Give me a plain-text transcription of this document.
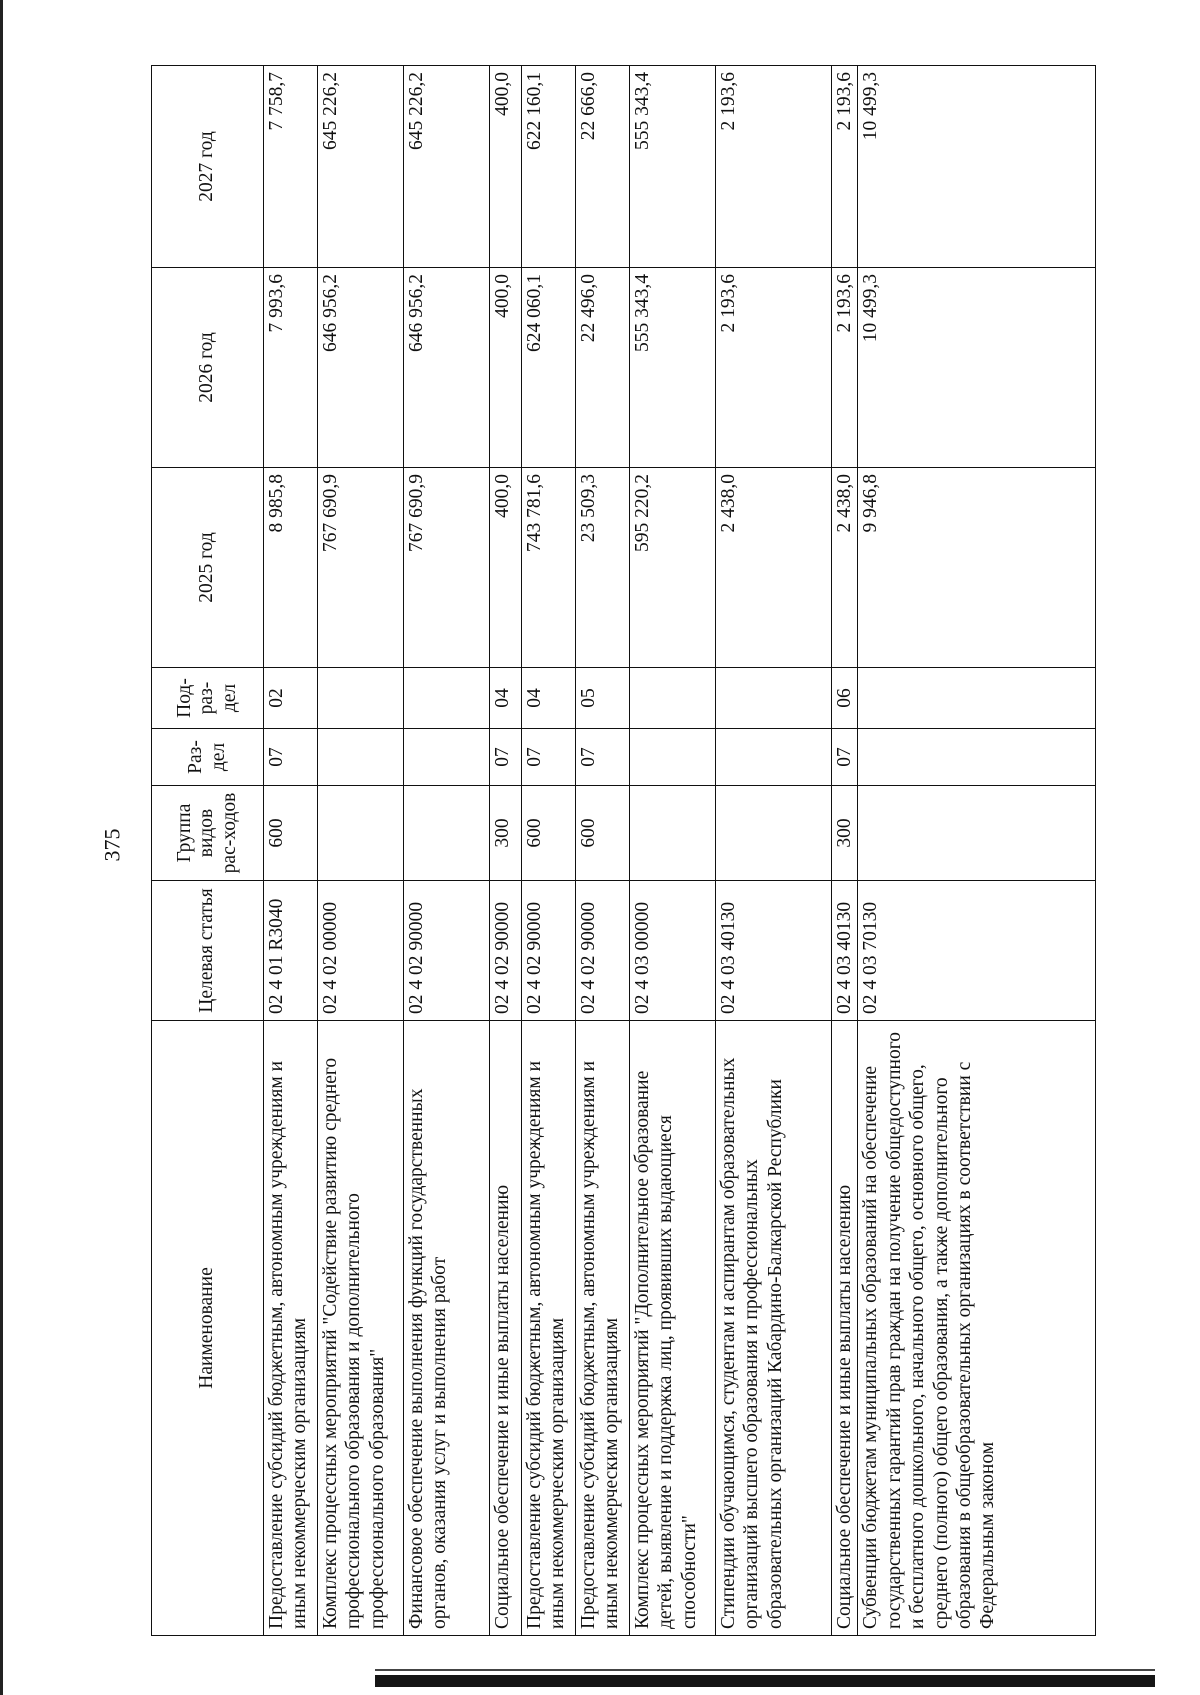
375
Наименование	Целевая статья	Группа видов рас-ходов	Раз-дел	Под-раз-дел	2025 год	2026 год	2027 год
Предоставление субсидий бюджетным, автономным учреждениям и иным некоммерческим организациям	02 4 01 R3040	600	07	02	8 985,8	7 993,6	7 758,7
Комплекс процессных мероприятий "Содействие развитию среднего профессионального образования и дополнительного профессионального образования"	02 4 02 00000				767 690,9	646 956,2	645 226,2
Финансовое обеспечение выполнения функций государственных органов, оказания услуг и выполнения работ	02 4 02 90000				767 690,9	646 956,2	645 226,2
Социальное обеспечение и иные выплаты населению	02 4 02 90000	300	07	04	400,0	400,0	400,0
Предоставление субсидий бюджетным, автономным учреждениям и иным некоммерческим организациям	02 4 02 90000	600	07	04	743 781,6	624 060,1	622 160,1
Предоставление субсидий бюджетным, автономным учреждениям и иным некоммерческим организациям	02 4 02 90000	600	07	05	23 509,3	22 496,0	22 666,0
Комплекс процессных мероприятий "Дополнительное образование детей, выявление и поддержка лиц, проявивших выдающиеся способности"	02 4 03 00000				595 220,2	555 343,4	555 343,4
Стипендии обучающимся, студентам и аспирантам образовательных организаций высшего образования и профессиональных образовательных организаций Кабардино-Балкарской Республики	02 4 03 40130				2 438,0	2 193,6	2 193,6
Социальное обеспечение и иные выплаты населению	02 4 03 40130	300	07	06	2 438,0	2 193,6	2 193,6
Субвенции бюджетам муниципальных образований на обеспечение государственных гарантий прав граждан на получение общедоступного и бесплатного дошкольного, начального общего, основного общего, среднего (полного) общего образования, а также дополнительного образования в общеобразовательных организациях в соответствии с Федеральным законом	02 4 03 70130				9 946,8	10 499,3	10 499,3
